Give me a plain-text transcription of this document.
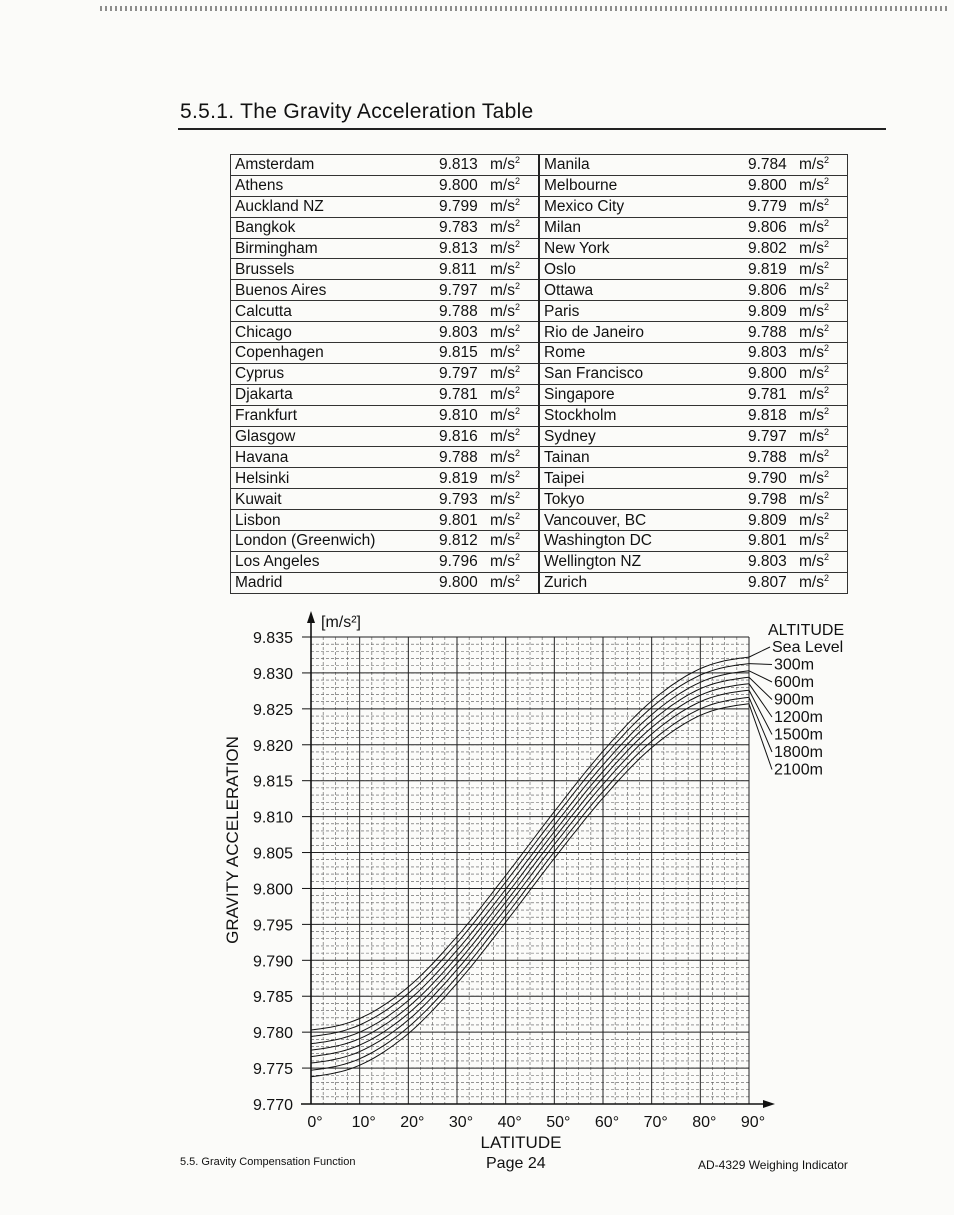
5.5.1. The Gravity Acceleration Table
Amsterdam	9.813	$m/s^2$	Manila	9.784	$m/s^2$
Athens	9.800	$m/s^2$	Melbourne	9.800	$m/s^2$
Auckland NZ	9.799	$m/s^2$	Mexico City	9.779	$m/s^2$
Bangkok	9.783	$m/s^2$	Milan	9.806	$m/s^2$
Birmingham	9.813	$m/s^2$	New York	9.802	$m/s^2$
Brussels	9.811	$m/s^2$	Oslo	9.819	$m/s^2$
Buenos Aires	9.797	$m/s^2$	Ottawa	9.806	$m/s^2$
Calcutta	9.788	$m/s^2$	Paris	9.809	$m/s^2$
Chicago	9.803	$m/s^2$	Rio de Janeiro	9.788	$m/s^2$
Copenhagen	9.815	$m/s^2$	Rome	9.803	$m/s^2$
Cyprus	9.797	$m/s^2$	San Francisco	9.800	$m/s^2$
Djakarta	9.781	$m/s^2$	Singapore	9.781	$m/s^2$
Frankfurt	9.810	$m/s^2$	Stockholm	9.818	$m/s^2$
Glasgow	9.816	$m/s^2$	Sydney	9.797	$m/s^2$
Havana	9.788	$m/s^2$	Tainan	9.788	$m/s^2$
Helsinki	9.819	$m/s^2$	Taipei	9.790	$m/s^2$
Kuwait	9.793	$m/s^2$	Tokyo	9.798	$m/s^2$
Lisbon	9.801	$m/s^2$	Vancouver, BC	9.809	$m/s^2$
London (Greenwich)	9.812	$m/s^2$	Washington DC	9.801	$m/s^2$
Los Angeles	9.796	$m/s^2$	Wellington NZ	9.803	$m/s^2$
Madrid	9.800	$m/s^2$	Zurich	9.807	$m/s^2$
9.835
9.830
9.825
9.820
9.815
9.810
9.805
9.800
9.795
9.790
9.785
9.780
9.775
9.770
0° 10° 20° 30° 40° 50° 60° 70° 80° 90°
GRAVITY ACCELERATION
[m/s²]
LATITUDE
ALTITUDE
Sea Level
300m
600m
900m
1200m
1500m
1800m
2100m
5.5. Gravity Compensation Function	Page 24	AD-4329 Weighing Indicator
